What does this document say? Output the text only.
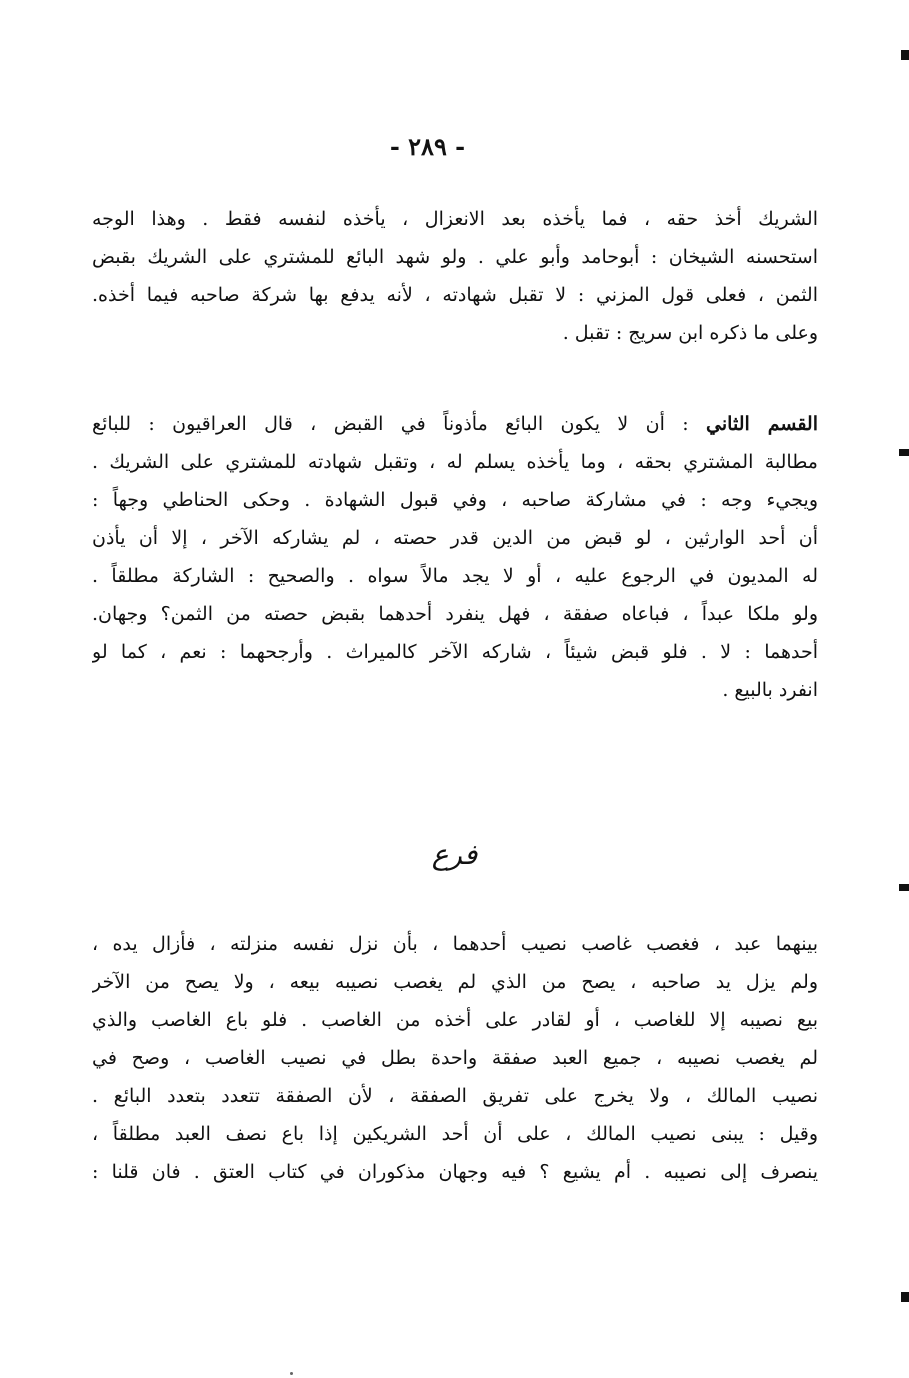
- ٢٨٩ -
الشريك أخذ حقه ، فما يأخذه بعد الانعزال ، يأخذه لنفسه فقط . وهذا الوجه
استحسنه الشيخان : أبوحامد وأبو علي . ولو شهد البائع للمشتري على الشريك بقبض
الثمن ، فعلى قول المزني : لا تقبل شهادته ، لأنه يدفع بها شركة صاحبه فيما أخذه.
وعلى ما ذكره ابن سريج : تقبل .
القسم الثاني : أن لا يكون البائع مأذوناً في القبض ، قال العراقيون : للبائع
مطالبة المشتري بحقه ، وما يأخذه يسلم له ، وتقبل شهادته للمشتري على الشريك .
ويجيء وجه : في مشاركة صاحبه ، وفي قبول الشهادة . وحكى الحناطي وجهاً :
أن أحد الوارثين ، لو قبض من الدين قدر حصته ، لم يشاركه الآخر ، إلا أن يأذن
له المديون في الرجوع عليه ، أو لا يجد مالاً سواه . والصحيح : الشاركة مطلقاً .
ولو ملكا عبداً ، فباعاه صفقة ، فهل ينفرد أحدهما بقبض حصته من الثمن؟ وجهان.
أحدهما : لا . فلو قبض شيئاً ، شاركه الآخر كالميراث . وأرجحهما : نعم ، كما لو
انفرد بالبيع .
فرع
بينهما عبد ، فغصب غاصب نصيب أحدهما ، بأن نزل نفسه منزلته ، فأزال يده ،
ولم يزل يد صاحبه ، يصح من الذي لم يغصب نصيبه بيعه ، ولا يصح من الآخر
بيع نصيبه إلا للغاصب ، أو لقادر على أخذه من الغاصب . فلو باع الغاصب والذي
لم يغصب نصيبه ، جميع العبد صفقة واحدة بطل في نصيب الغاصب ، وصح في
نصيب المالك ، ولا يخرج على تفريق الصفقة ، لأن الصفقة تتعدد بتعدد البائع .
وقيل : يبنى نصيب المالك ، على أن أحد الشريكين إذا باع نصف العبد مطلقاً ،
ينصرف إلى نصيبه . أم يشيع ؟ فيه وجهان مذكوران في كتاب العتق . فان قلنا :
